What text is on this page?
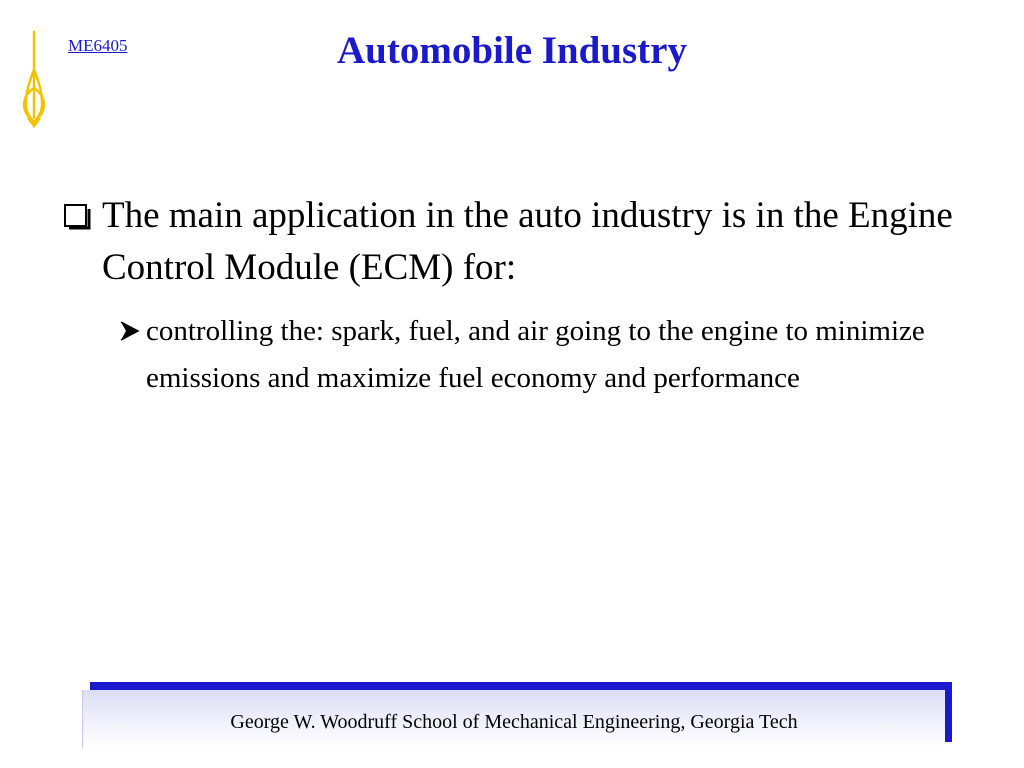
ME6405	Automobile Industry
The main application in the auto industry is in the Engine Control Module (ECM) for:
controlling the: spark, fuel, and air going to the engine to minimize emissions and maximize fuel economy and performance
George W. Woodruff School of Mechanical Engineering, Georgia Tech
